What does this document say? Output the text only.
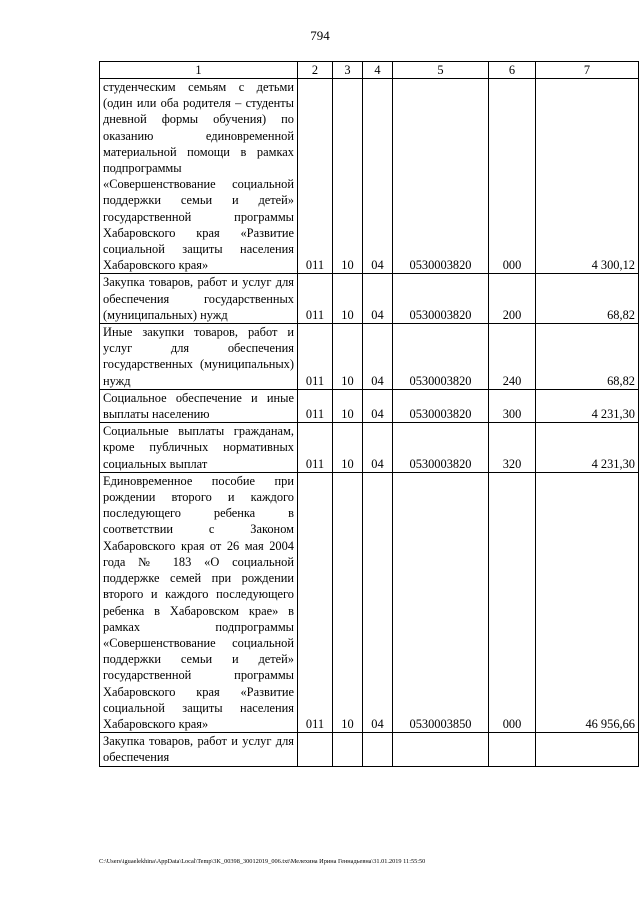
794
1	2	3	4	5	6	7
студенческим семьям с детьми (один или оба родителя – студенты дневной формы обучения) по оказанию единовременной материальной помощи в рамках подпрограммы «Совершенствование социальной поддержки семьи и детей» государственной программы Хабаровского края «Развитие социальной защиты населения Хабаровского края»	011	10	04	0530003820	000	4 300,12
Закупка товаров, работ и услуг для обеспечения государственных (муниципальных) нужд	011	10	04	0530003820	200	68,82
Иные закупки товаров, работ и услуг для обеспечения государственных (муниципальных) нужд	011	10	04	0530003820	240	68,82
Социальное обеспечение и иные выплаты населению	011	10	04	0530003820	300	4 231,30
Социальные выплаты гражданам, кроме публичных нормативных социальных выплат	011	10	04	0530003820	320	4 231,30
Единовременное пособие при рождении второго и каждого последующего ребенка в соответствии с Законом Хабаровского края от 26 мая 2004 года № 183 «О социальной поддержке семей при рождении второго и каждого последующего ребенка в Хабаровском крае» в рамках подпрограммы «Совершенствование социальной поддержки семьи и детей» государственной программы Хабаровского края «Развитие социальной защиты населения Хабаровского края»	011	10	04	0530003850	000	46 956,66
Закупка товаров, работ и услуг для обеспечения						
C:\Users\iguaelekhina\AppData\Local\Temp\3K_00398_30012019_006.txt\Мелехина Ирина Геннадьевна\31.01.2019 11:55:50
